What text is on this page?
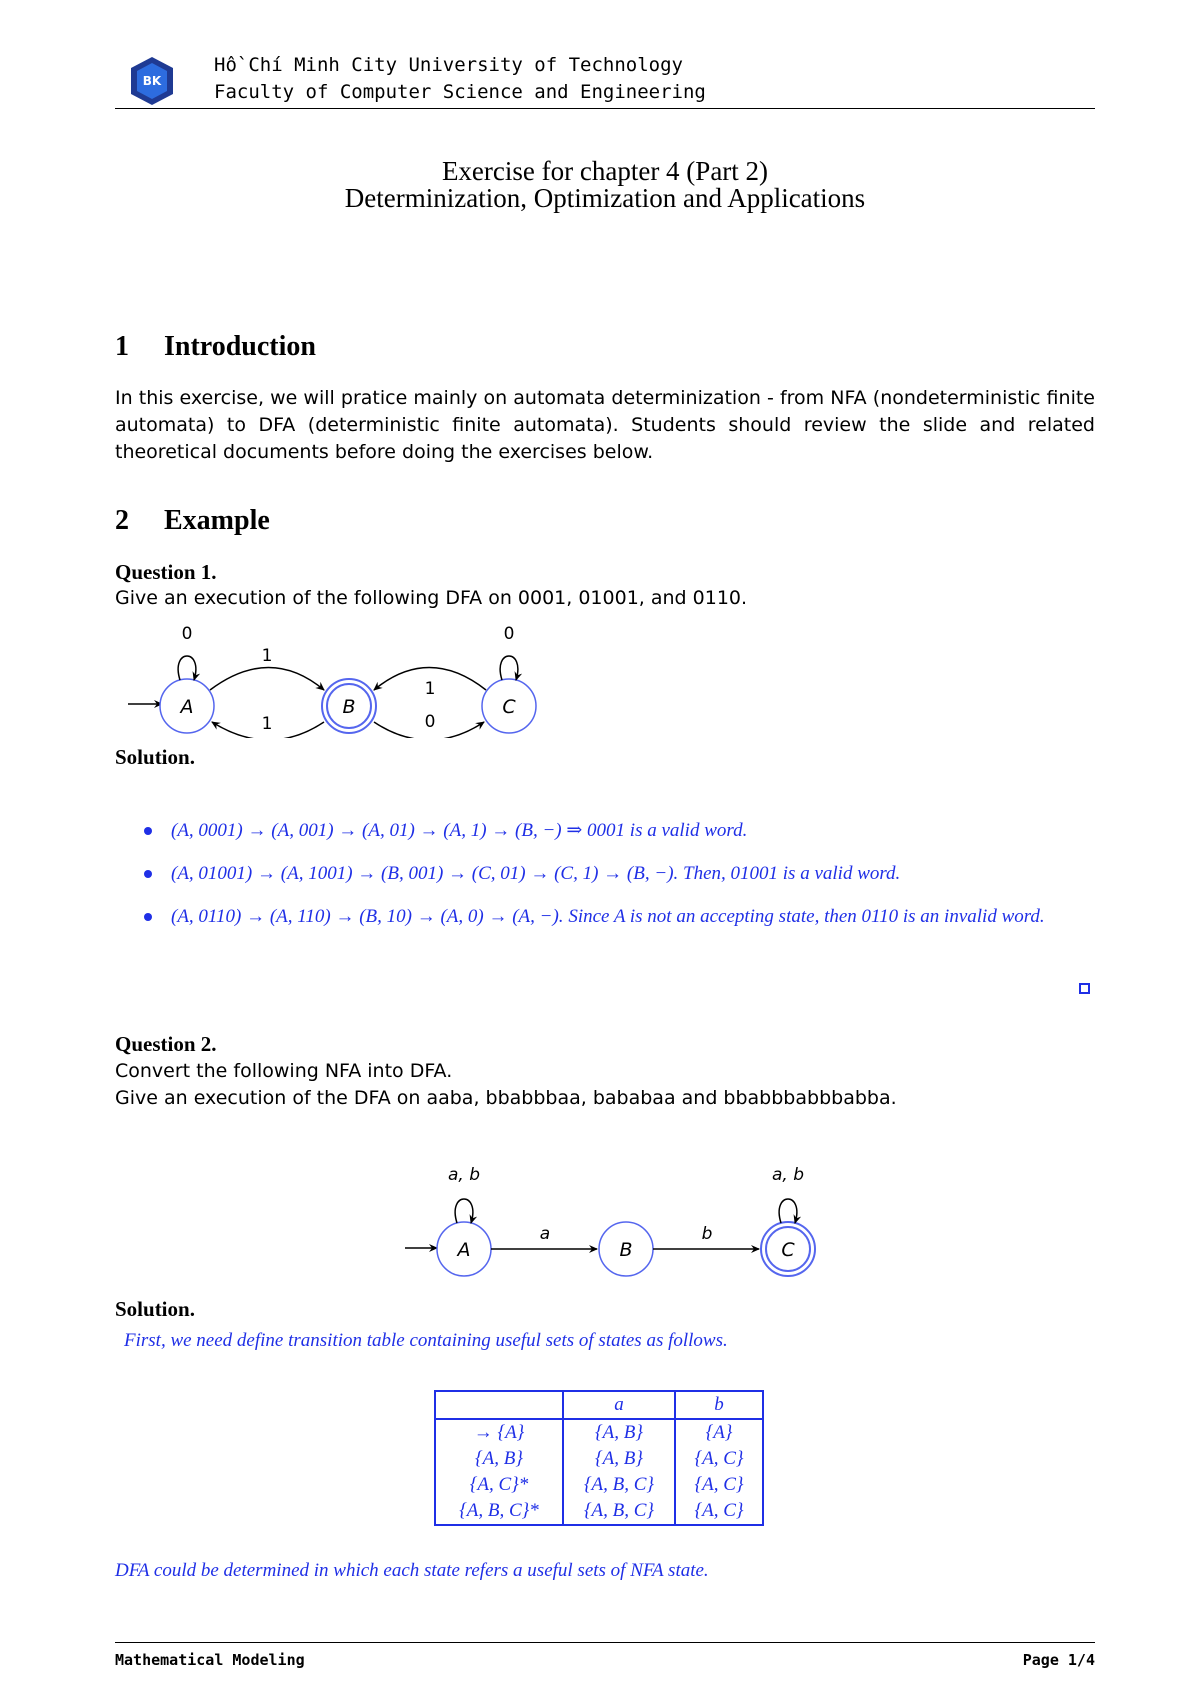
BK
Hồ Chí Minh City University of Technology
Faculty of Computer Science and Engineering
Exercise for chapter 4 (Part 2)
Determinization, Optimization and Applications
1 Introduction
In this exercise, we will pratice mainly on automata determinization - from NFA (nondeterministic finite automata) to DFA (deterministic finite automata). Students should review the slide and related theoretical documents before doing the exercises below.
2 Example
Question 1.
Give an execution of the following DFA on 0001, 01001, and 0110.
A	B	C
0	0
1
1
1
0
Solution.
(A, 0001) → (A, 001) → (A, 01) → (A, 1) → (B, −) ⇒ 0001 is a valid word.
(A, 01001) → (A, 1001) → (B, 001) → (C, 01) → (C, 1) → (B, −). Then, 01001 is a valid word.
(A, 0110) → (A, 110) → (B, 10) → (A, 0) → (A, −). Since A is not an accepting state, then 0110 is an invalid word.
Question 2.
Convert the following NFA into DFA.
Give an execution of the DFA on aaba, bbabbbaa, bababaa and bbabbbabbbabba.
A	B	C
a, b	a, b
a	b
Solution.
First, we need define transition table containing useful sets of states as follows.
	a	b
→ {A}	{A, B}	{A}
{A, B}	{A, B}	{A, C}
{A, C}*	{A, B, C}	{A, C}
{A, B, C}*	{A, B, C}	{A, C}
DFA could be determined in which each state refers a useful sets of NFA state.
Mathematical Modeling	Page 1/4
